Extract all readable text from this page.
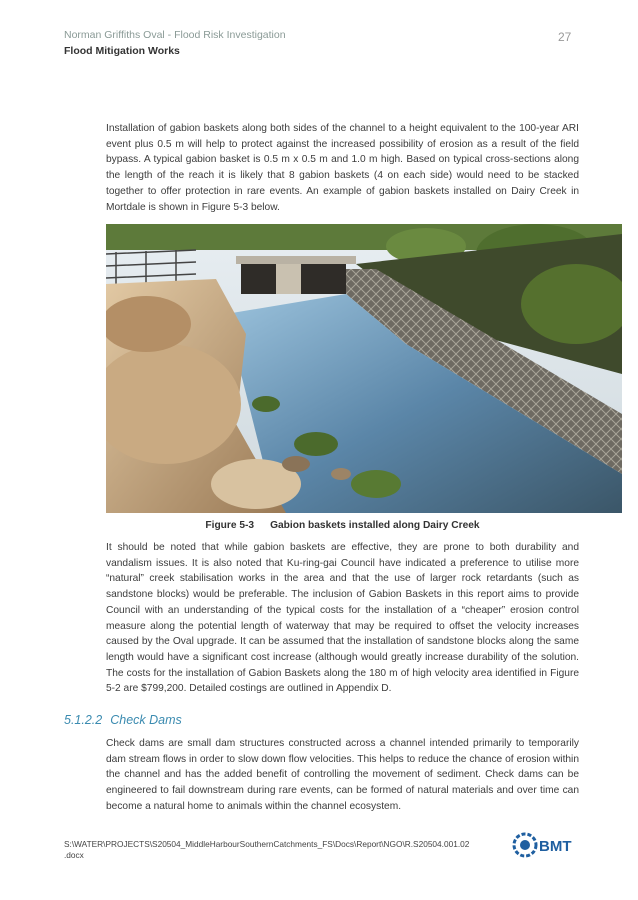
Norman Griffiths Oval - Flood Risk Investigation
Flood Mitigation Works
27

Installation of gabion baskets along both sides of the channel to a height equivalent to the 100-year ARI event plus 0.5 m will help to protect against the increased possibility of erosion as a result of the field bypass. A typical gabion basket is 0.5 m x 0.5 m and 1.0 m high. Based on typical cross-sections along the length of the reach it is likely that 8 gabion baskets (4 on each side) would need to be stacked together to offer protection in rare events. An example of gabion baskets installed on Dairy Creek in Mortdale is shown in Figure 5-3 below.

Figure 5-3 Gabion baskets installed along Dairy Creek

It should be noted that while gabion baskets are effective, they are prone to both durability and vandalism issues. It is also noted that Ku-ring-gai Council have indicated a preference to utilise more “natural” creek stabilisation works in the area and that the use of larger rock retardants (such as sandstone blocks) would be preferable. The inclusion of Gabion Baskets in this report aims to provide Council with an understanding of the typical costs for the installation of a “cheaper” erosion control measure along the potential length of waterway that may be required to offset the velocity increases caused by the Oval upgrade. It can be assumed that the installation of sandstone blocks along the same length would have a significant cost increase (although would greatly increase durability of the solution. The costs for the installation of Gabion Baskets along the 180 m of high velocity area identified in Figure 5-2 are $799,200. Detailed costings are outlined in Appendix D.

5.1.2.2 Check Dams

Check dams are small dam structures constructed across a channel intended primarily to temporarily dam stream flows in order to slow down flow velocities. This helps to reduce the chance of erosion within the channel and has the added benefit of controlling the movement of sediment. Check dams can be engineered to fail downstream during rare events, can be formed of natural materials and over time can become a natural home to animals within the channel ecosystem.

S:\WATER\PROJECTS\S20504_MiddleHarbourSouthernCatchments_FS\Docs\Report\NGO\R.S20504.001.02
.docx	BMT
